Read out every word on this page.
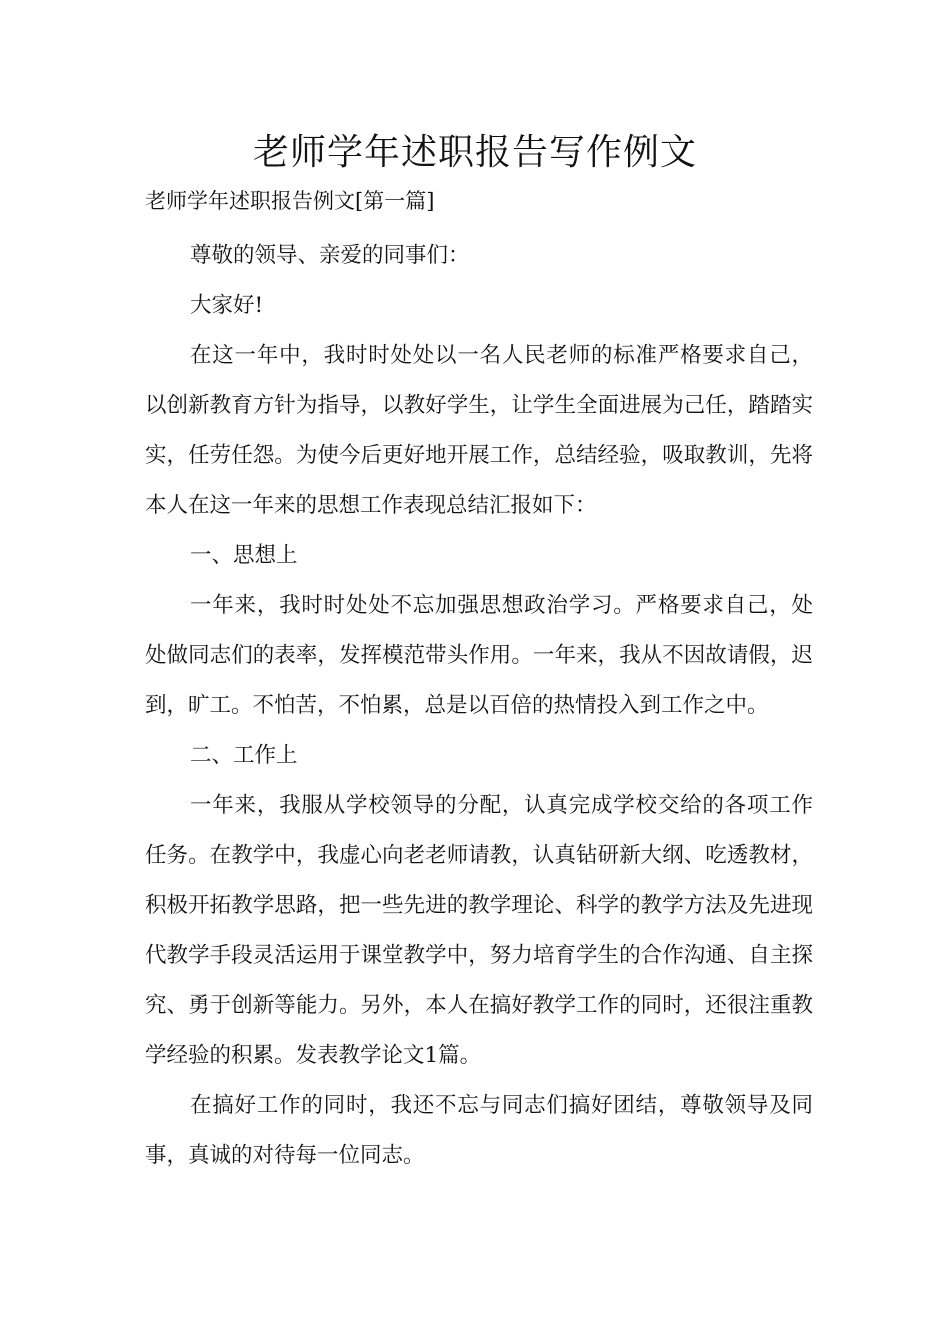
老师学年述职报告写作例文

老师学年述职报告例文[第一篇]

尊敬的领导、亲爱的同事们：

大家好!

在这一年中，我时时处处以一名人民老师的标准严格要求自己，以创新教育方针为指导，以教好学生，让学生全面进展为己任，踏踏实实，任劳任怨。为使今后更好地开展工作，总结经验，吸取教训，先将本人在这一年来的思想工作表现总结汇报如下：

一、思想上

一年来，我时时处处不忘加强思想政治学习。严格要求自己，处处做同志们的表率，发挥模范带头作用。一年来，我从不因故请假，迟到，旷工。不怕苦，不怕累，总是以百倍的热情投入到工作之中。

二、工作上

一年来，我服从学校领导的分配，认真完成学校交给的各项工作任务。在教学中，我虚心向老老师请教，认真钻研新大纲、吃透教材，积极开拓教学思路，把一些先进的教学理论、科学的教学方法及先进现代教学手段灵活运用于课堂教学中，努力培育学生的合作沟通、自主探究、勇于创新等能力。另外，本人在搞好教学工作的同时，还很注重教学经验的积累。发表教学论文1篇。

在搞好工作的同时，我还不忘与同志们搞好团结，尊敬领导及同事，真诚的对待每一位同志。
